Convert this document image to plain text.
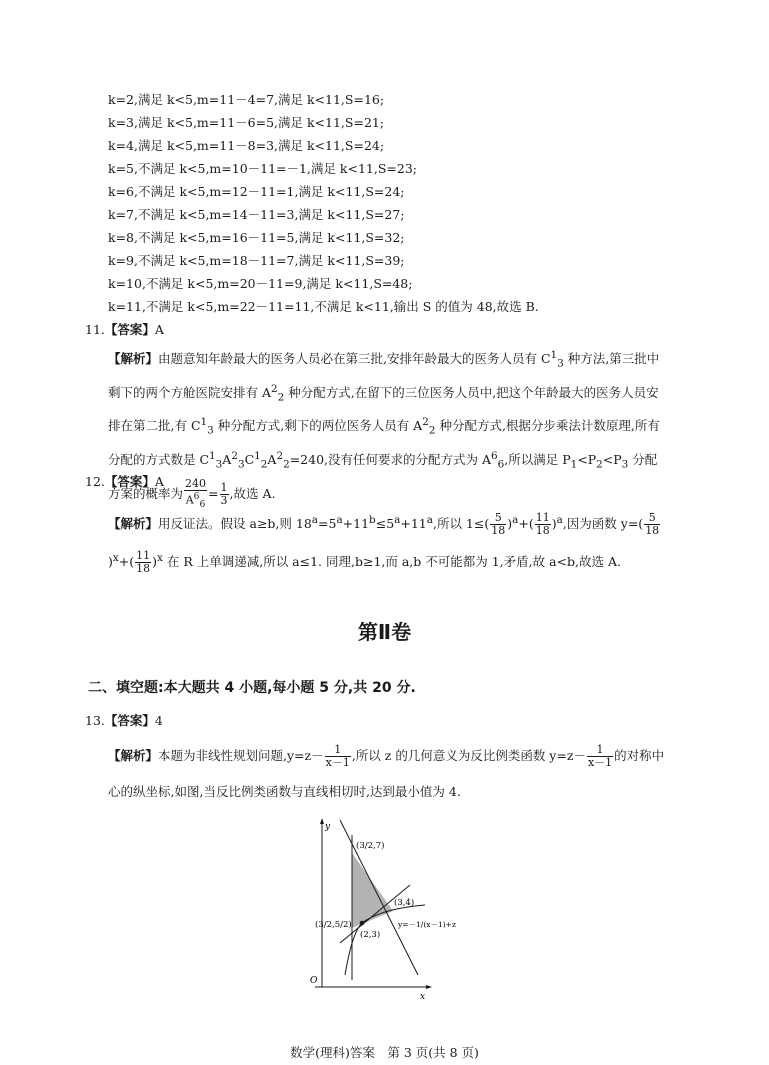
k=2,满足 k<5,m=11－4=7,满足 k<11,S=16;
k=3,满足 k<5,m=11－6=5,满足 k<11,S=21;
k=4,满足 k<5,m=11－8=3,满足 k<11,S=24;
k=5,不满足 k<5,m=10－11=－1,满足 k<11,S=23;
k=6,不满足 k<5,m=12－11=1,满足 k<11,S=24;
k=7,不满足 k<5,m=14－11=3,满足 k<11,S=27;
k=8,不满足 k<5,m=16－11=5,满足 k<11,S=32;
k=9,不满足 k<5,m=18－11=7,满足 k<11,S=39;
k=10,不满足 k<5,m=20－11=9,满足 k<11,S=48;
k=11,不满足 k<5,m=22－11=11,不满足 k<11,输出 S 的值为 48,故选 B.
11.【答案】A
【解析】由题意知年龄最大的医务人员必在第三批,安排年龄最大的医务人员有 $C^1_3$ 种方法,第三批中剩下的两个方舱医院安排有 $A^2_2$ 种分配方式,在留下的三位医务人员中,把这个年龄最大的医务人员安排在第二批,有 $C^1_3$ 种分配方式,剩下的两位医务人员有 $A^2_2$ 种分配方式,根据分步乘法计数原理,所有分配的方式数是 $C^1_3A^2_3C^1_2A^2_2=240$,没有任何要求的分配方式为 $A^6_6$,所以满足 $P_1<P_2<P_3$ 分配方案的概率为 $\frac{240}{A^6_6} = \frac{1}{3}$ ,故选 A.
12.【答案】A
【解析】用反证法。假设 a≥b,则 $18^a=5^a+11^b\le 5^a+11^a$,所以 $1\le( \frac{5}{18} )^a+( \frac{11}{18} )^a$,因为函数 $y=( \frac{5}{18}$
)$^x+( \frac{11}{18} )^x$ 在 R 上单调递减,所以 a≤1. 同理,b≥1,而 a,b 不可能都为 1,矛盾,故 a<b,故选 A.
第Ⅱ卷
二、填空题:本大题共 4 小题,每小题 5 分,共 20 分.
13.【答案】4
【解析】本题为非线性规划问题$,y=z- \frac{1}{x-1}$ ,所以 z 的几何意义为反比例类函数 $y=z- \frac{1}{x-1}$ 的对称中心的纵坐标,如图,当反比例类函数与直线相切时,达到最小值为 4.
y
x
O
(3/2,7)
(3,4)
(3/2,5/2)
(2,3)
y=－1/(x－1)+z
数学(理科)答案　第 3 页(共 8 页)
